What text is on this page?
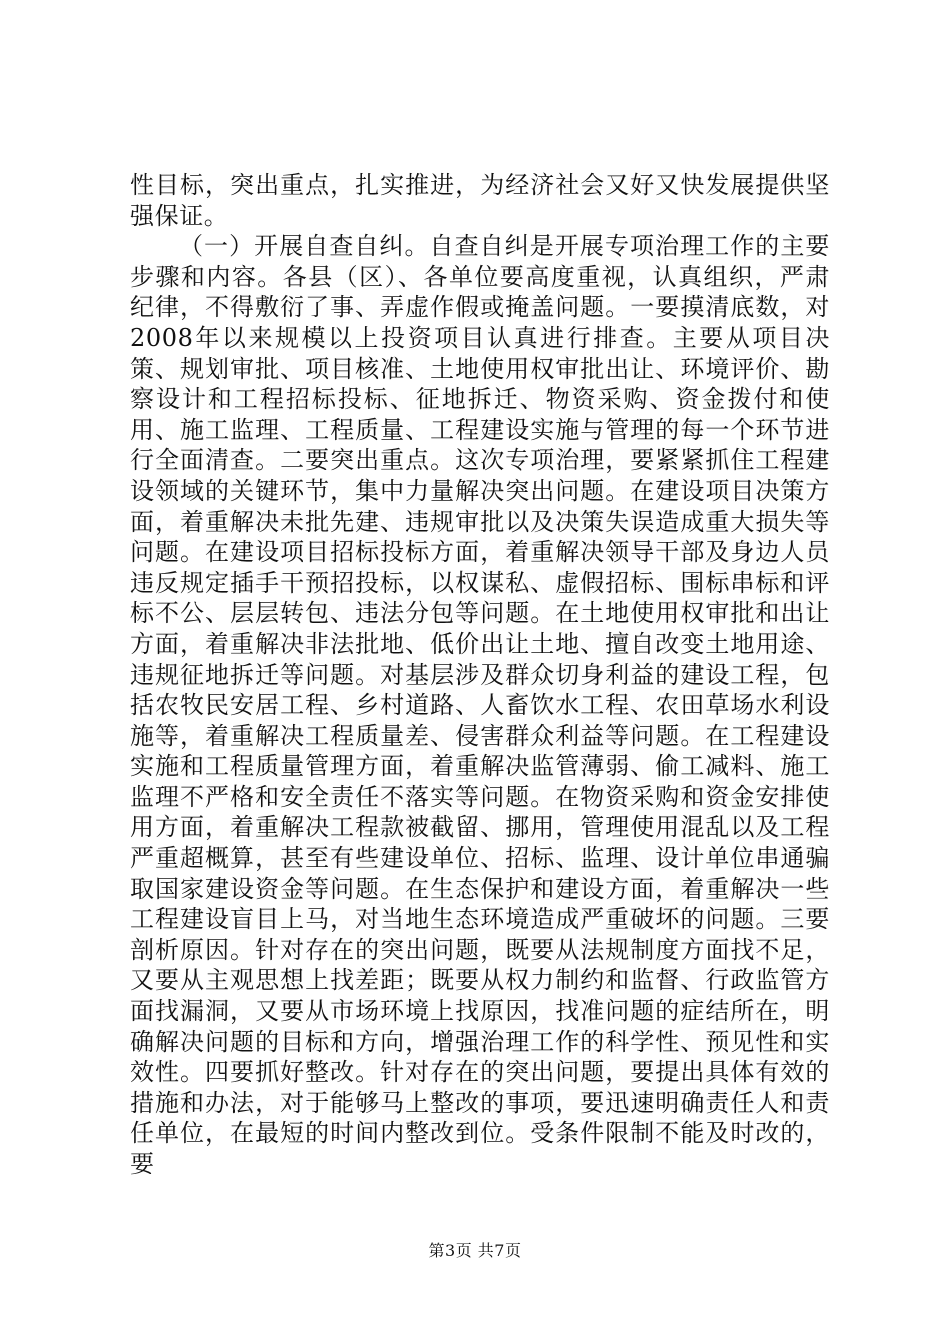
性目标，突出重点，扎实推进，为经济社会又好又快发展提供坚强保证。

（一）开展自查自纠。自查自纠是开展专项治理工作的主要步骤和内容。各县（区）、各单位要高度重视，认真组织，严肃纪律，不得敷衍了事、弄虚作假或掩盖问题。一要摸清底数，对2008年以来规模以上投资项目认真进行排查。主要从项目决策、规划审批、项目核准、土地使用权审批出让、环境评价、勘察设计和工程招标投标、征地拆迁、物资采购、资金拨付和使用、施工监理、工程质量、工程建设实施与管理的每一个环节进行全面清查。二要突出重点。这次专项治理，要紧紧抓住工程建设领域的关键环节，集中力量解决突出问题。在建设项目决策方面，着重解决未批先建、违规审批以及决策失误造成重大损失等问题。在建设项目招标投标方面，着重解决领导干部及身边人员违反规定插手干预招投标，以权谋私、虚假招标、围标串标和评标不公、层层转包、违法分包等问题。在土地使用权审批和出让方面，着重解决非法批地、低价出让土地、擅自改变土地用途、违规征地拆迁等问题。对基层涉及群众切身利益的建设工程，包括农牧民安居工程、乡村道路、人畜饮水工程、农田草场水利设施等，着重解决工程质量差、侵害群众利益等问题。在工程建设实施和工程质量管理方面，着重解决监管薄弱、偷工减料、施工监理不严格和安全责任不落实等问题。在物资采购和资金安排使用方面，着重解决工程款被截留、挪用，管理使用混乱以及工程严重超概算，甚至有些建设单位、招标、监理、设计单位串通骗取国家建设资金等问题。在生态保护和建设方面，着重解决一些工程建设盲目上马，对当地生态环境造成严重破坏的问题。三要剖析原因。针对存在的突出问题，既要从法规制度方面找不足，又要从主观思想上找差距；既要从权力制约和监督、行政监管方面找漏洞，又要从市场环境上找原因，找准问题的症结所在，明确解决问题的目标和方向，增强治理工作的科学性、预见性和实效性。四要抓好整改。针对存在的突出问题，要提出具体有效的措施和办法，对于能够马上整改的事项，要迅速明确责任人和责任单位，在最短的时间内整改到位。受条件限制不能及时改的，要

第3页 共7页
